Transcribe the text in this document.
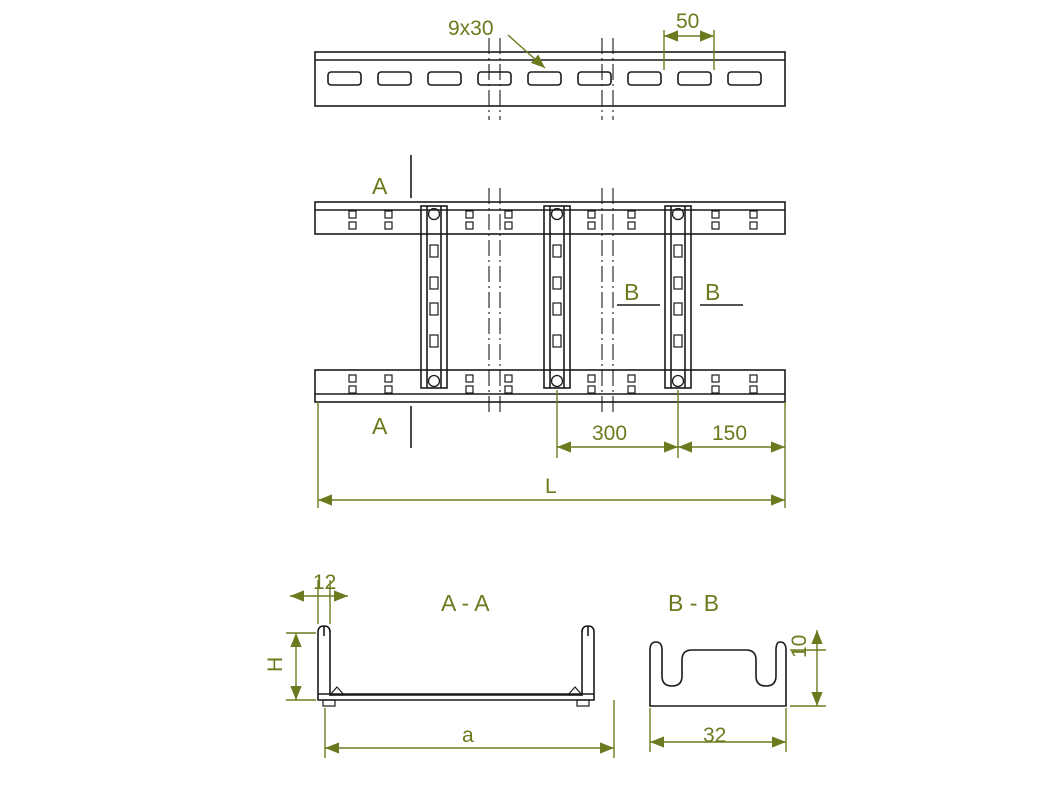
9x30	50
A
A
B	B
300	150
L
12
H
a
A - A
10
32
B - B
